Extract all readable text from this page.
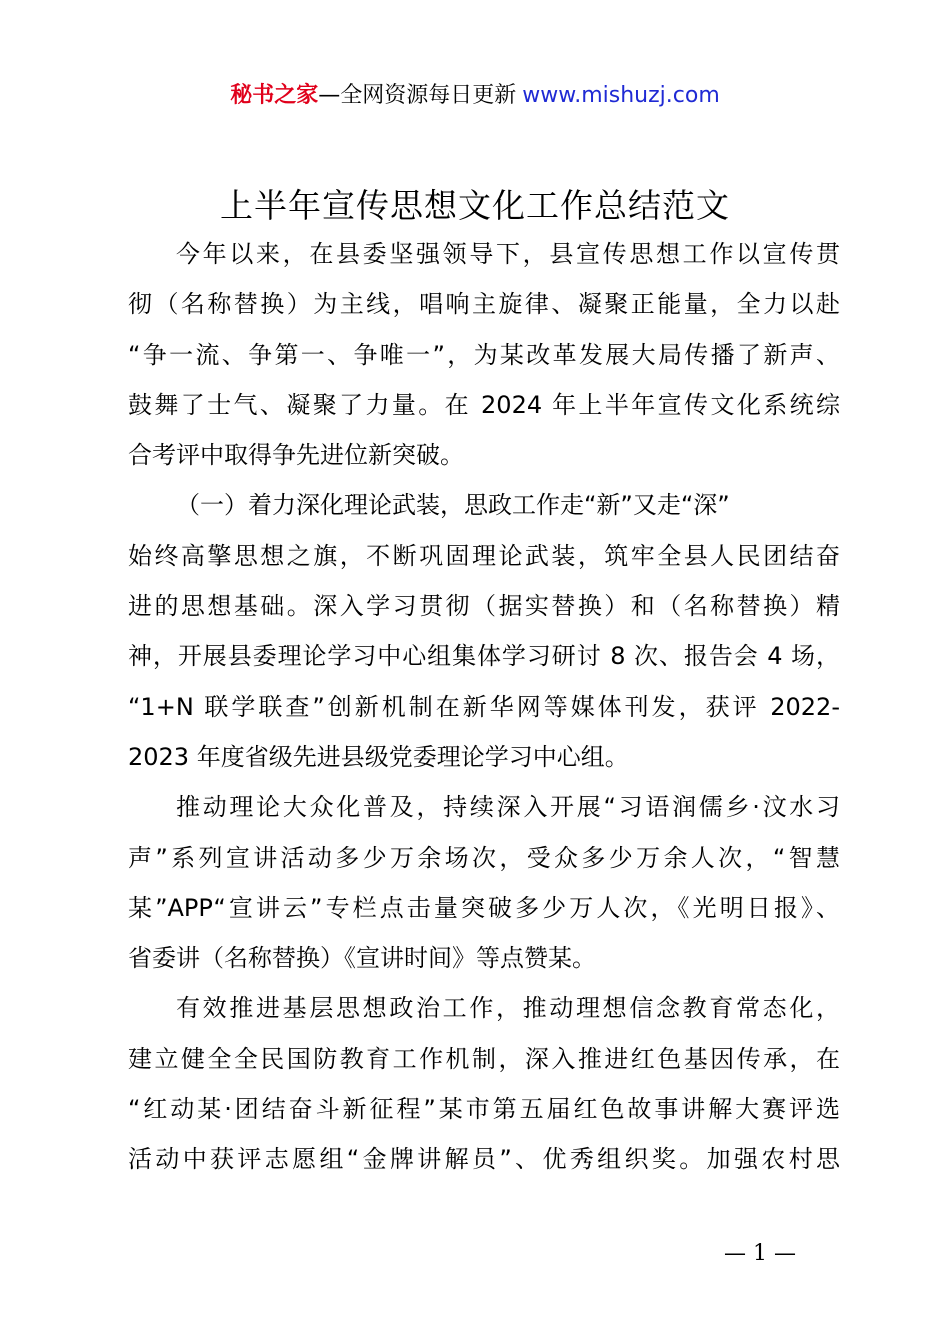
秘书之家—全网资源每日更新 www.mishuzj.com
上半年宣传思想文化工作总结范文
今年以来，在县委坚强领导下，县宣传思想工作以宣传贯
彻（名称替换）为主线，唱响主旋律、凝聚正能量，全力以赴
“争一流、争第一、争唯一”，为某改革发展大局传播了新声、
鼓舞了士气、凝聚了力量。在 2024 年上半年宣传文化系统综
合考评中取得争先进位新突破。
（一）着力深化理论武装，思政工作走“新”又走“深”
始终高擎思想之旗，不断巩固理论武装，筑牢全县人民团结奋
进的思想基础。深入学习贯彻（据实替换）和（名称替换）精
神，开展县委理论学习中心组集体学习研讨 8 次、报告会 4 场，
“1+N 联学联查”创新机制在新华网等媒体刊发，获评 2022-
2023 年度省级先进县级党委理论学习中心组。
推动理论大众化普及，持续深入开展“习语润儒乡·汶水习
声”系列宣讲活动多少万余场次，受众多少万余人次，“智慧
某”APP“宣讲云”专栏点击量突破多少万人次，《光明日报》、
省委讲（名称替换）《宣讲时间》等点赞某。
有效推进基层思想政治工作，推动理想信念教育常态化，
建立健全全民国防教育工作机制，深入推进红色基因传承，在
“红动某·团结奋斗新征程”某市第五届红色故事讲解大赛评选
活动中获评志愿组“金牌讲解员”、优秀组织奖。加强农村思
— 1 —
